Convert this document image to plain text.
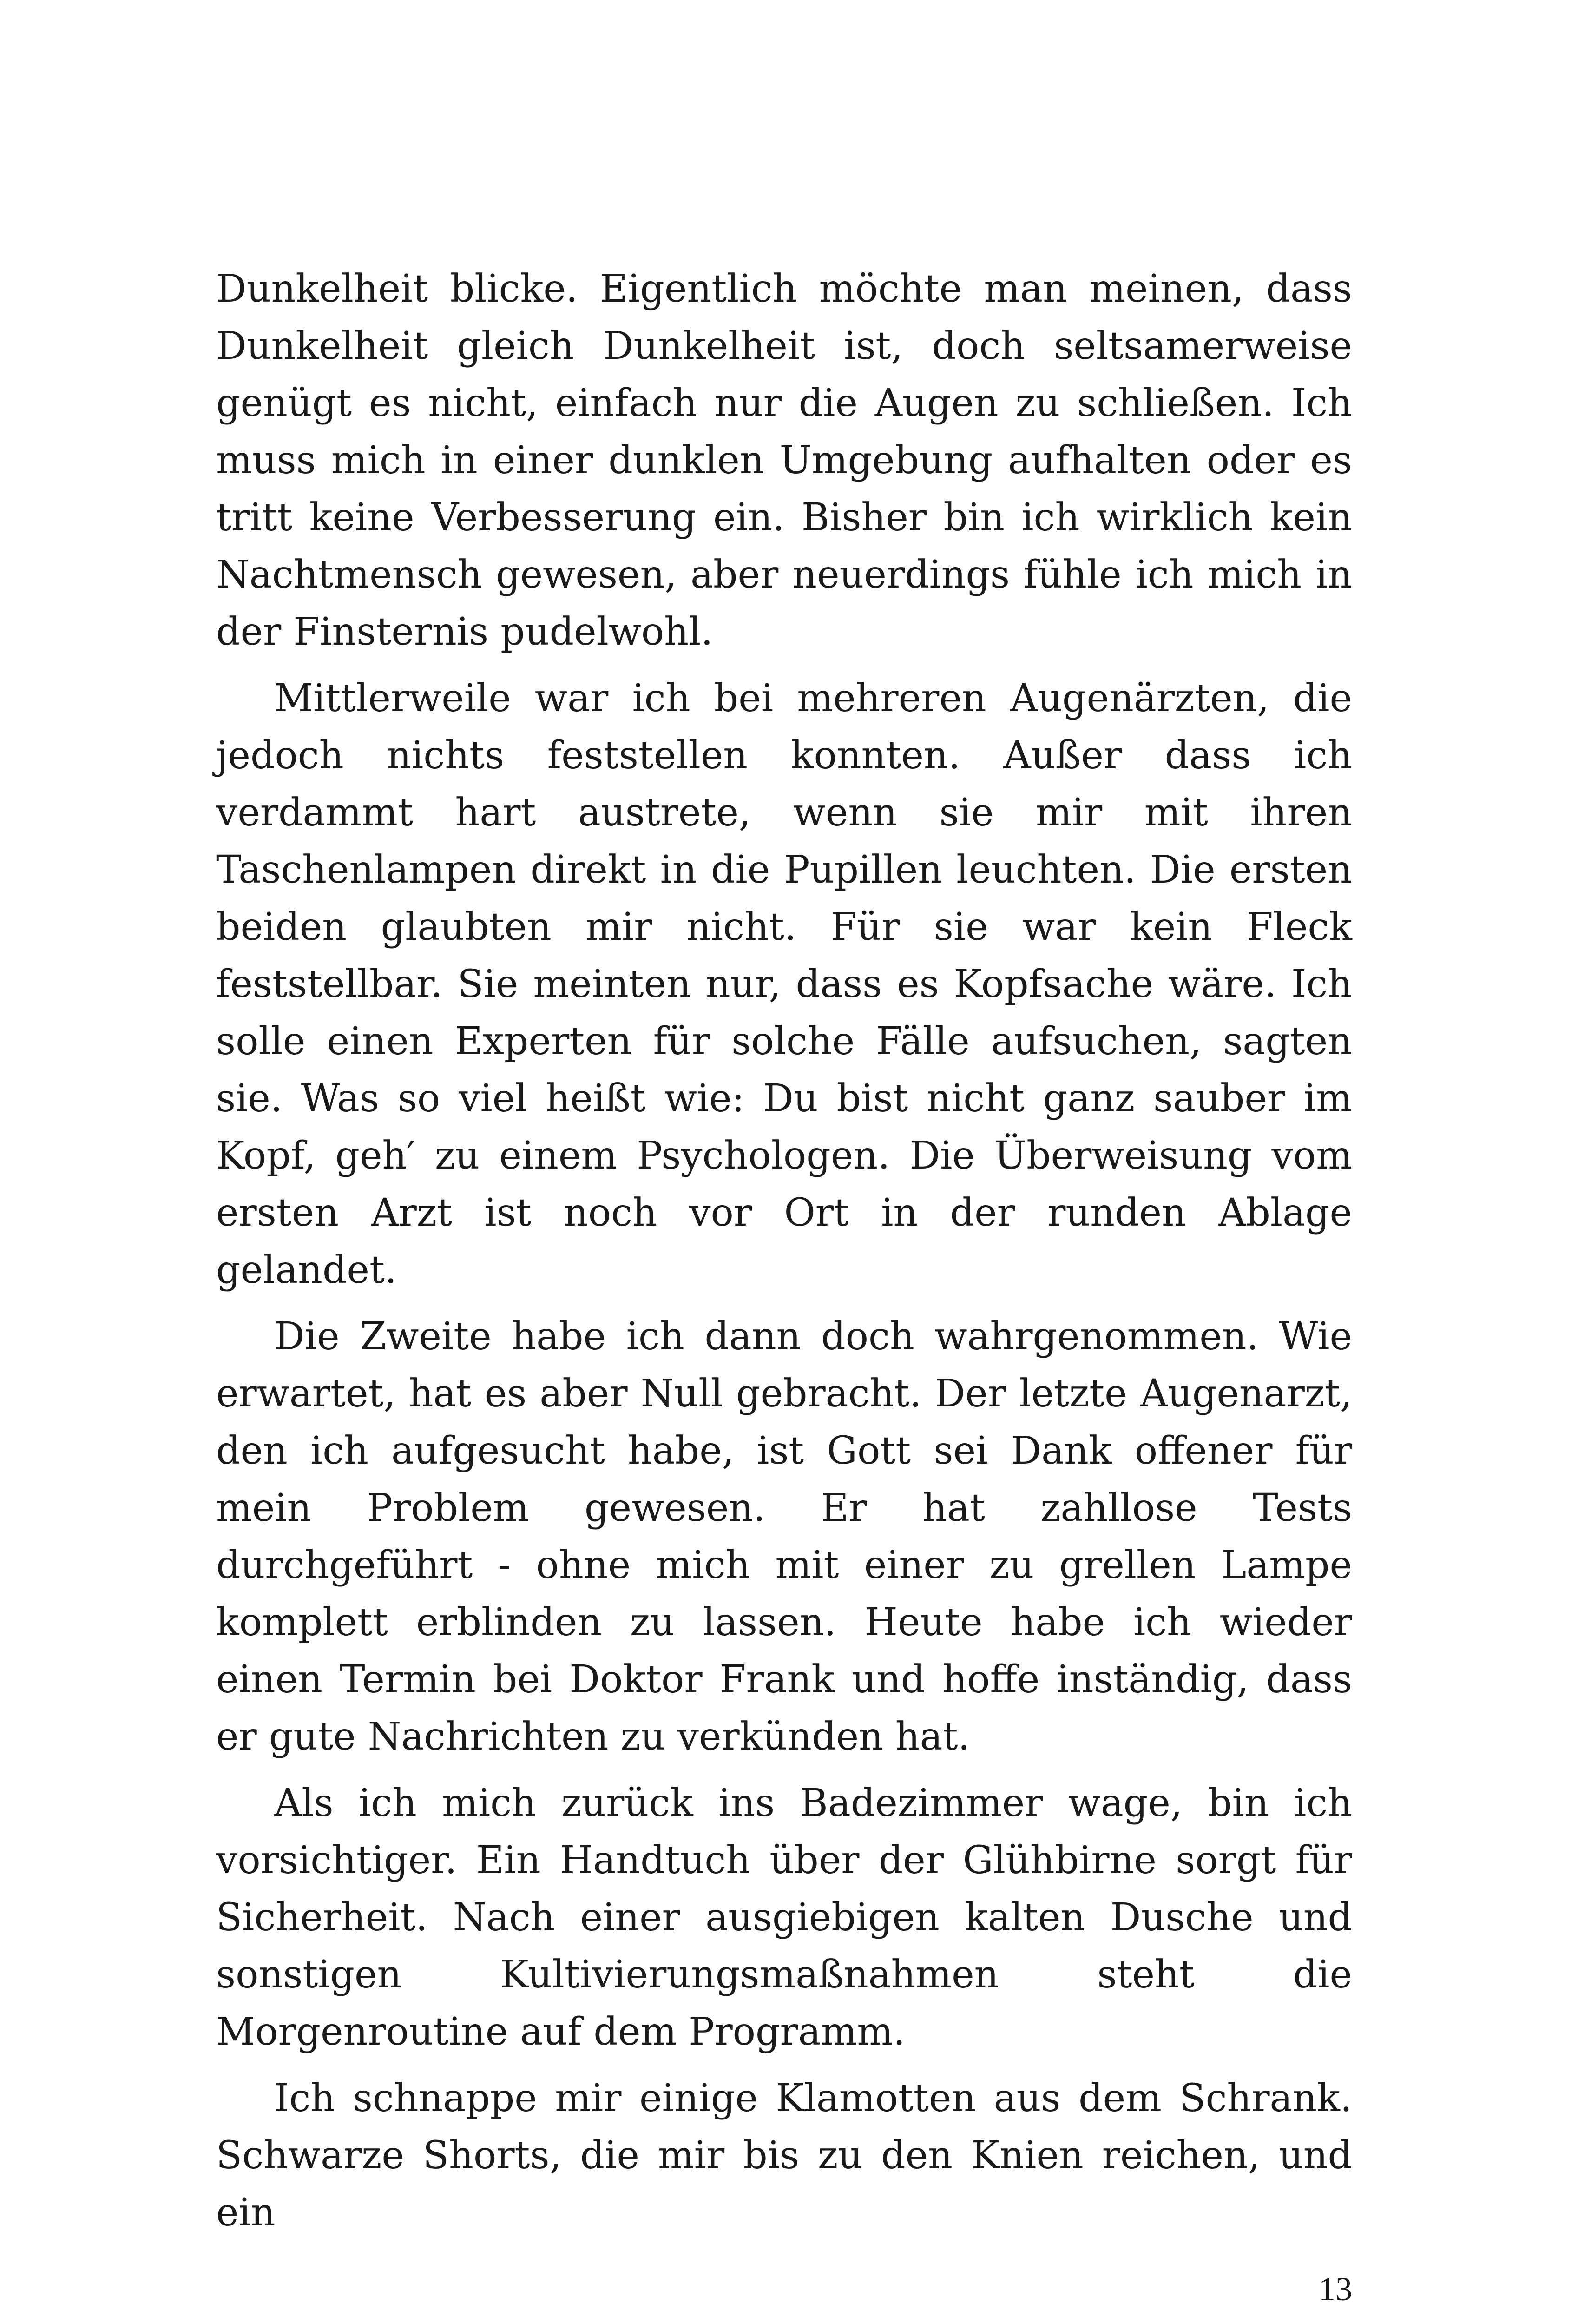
Dunkelheit blicke. Eigentlich möchte man meinen, dass Dunkelheit gleich Dunkelheit ist, doch seltsamerweise genügt es nicht, einfach nur die Augen zu schließen. Ich muss mich in einer dunklen Umgebung aufhalten oder es tritt keine Verbesserung ein. Bisher bin ich wirklich kein Nachtmensch gewesen, aber neuerdings fühle ich mich in der Finsternis pudelwohl.

Mittlerweile war ich bei mehreren Augenärzten, die jedoch nichts feststellen konnten. Außer dass ich verdammt hart austrete, wenn sie mir mit ihren Taschenlampen direkt in die Pupillen leuchten. Die ersten beiden glaubten mir nicht. Für sie war kein Fleck feststellbar. Sie meinten nur, dass es Kopfsache wäre. Ich solle einen Experten für solche Fälle aufsuchen, sagten sie. Was so viel heißt wie: Du bist nicht ganz sauber im Kopf, geh′ zu einem Psychologen. Die Überweisung vom ersten Arzt ist noch vor Ort in der runden Ablage gelandet.

Die Zweite habe ich dann doch wahrgenommen. Wie erwartet, hat es aber Null gebracht. Der letzte Augenarzt, den ich aufgesucht habe, ist Gott sei Dank offener für mein Problem gewesen. Er hat zahllose Tests durchgeführt - ohne mich mit einer zu grellen Lampe komplett erblinden zu lassen. Heute habe ich wieder einen Termin bei Doktor Frank und hoffe inständig, dass er gute Nachrichten zu verkünden hat.

Als ich mich zurück ins Badezimmer wage, bin ich vorsichtiger. Ein Handtuch über der Glühbirne sorgt für Sicherheit. Nach einer ausgiebigen kalten Dusche und sonstigen Kultivierungsmaßnahmen steht die Morgenroutine auf dem Programm.

Ich schnappe mir einige Klamotten aus dem Schrank. Schwarze Shorts, die mir bis zu den Knien reichen, und ein

13
